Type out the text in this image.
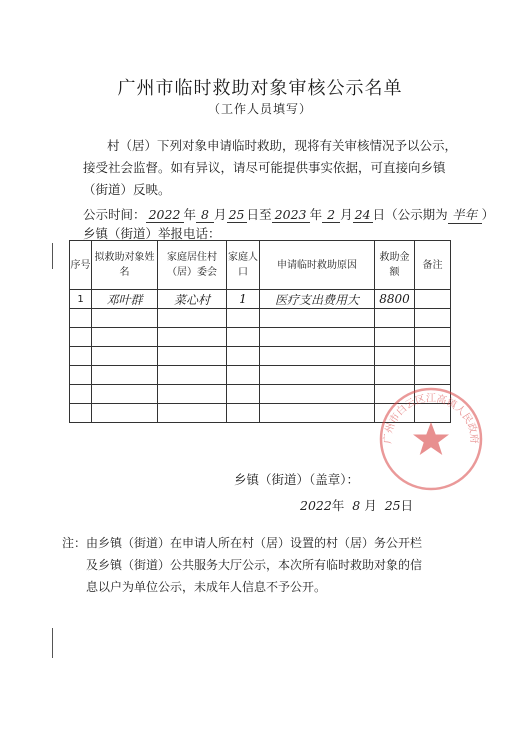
广州市临时救助对象审核公示名单
（工作人员填写）
村（居）下列对象申请临时救助，现将有关审核情况予以公示，
接受社会监督。如有异议，请尽可能提供事实依据，可直接向乡镇
（街道）反映。
公示时间： 2022 年 8 月 25 日至 2023 年 2 月 24 日（公示期为 半年 ）
乡镇（街道）举报电话：
序号	拟救助对象姓名	家庭居住村（居）委会	家庭人口	申请临时救助原因	救助金额	备注
1	邓叶群	菜心村	1	医疗支出费用大	8800	

广州市白云区江高镇人民政府
乡镇（街道）（盖章）：
2022年 8 月 25日
注：由乡镇（街道）在申请人所在村（居）设置的村（居）务公开栏
及乡镇（街道）公共服务大厅公示，本次所有临时救助对象的信
息以户为单位公示，未成年人信息不予公开。
